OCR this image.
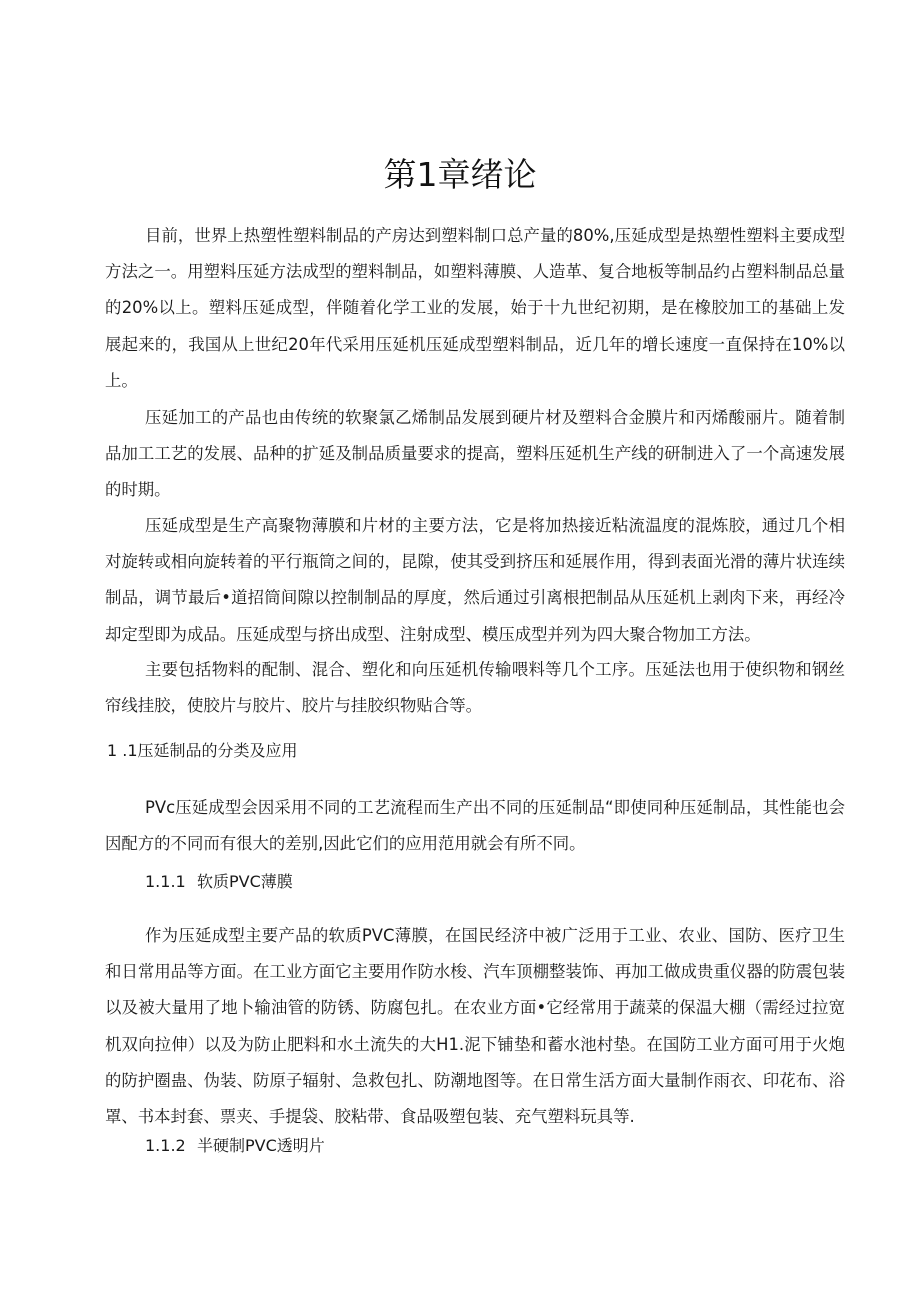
第1章绪论

目前，世界上热塑性塑料制品的产房达到塑料制口总产量的80%,压延成型是热塑性塑料主要成型方法之一。用塑料压延方法成型的塑料制品，如塑料薄膜、人造革、复合地板等制品约占塑料制品总量的20%以上。塑料压延成型，伴随着化学工业的发展，始于十九世纪初期，是在橡胶加工的基础上发展起来的，我国从上世纪20年代采用压延机压延成型塑料制品，近几年的增长速度一直保持在10%以上。

压延加工的产品也由传统的软聚氯乙烯制品发展到硬片材及塑料合金膜片和丙烯酸丽片。随着制品加工工艺的发展、品种的扩延及制品质量要求的提高，塑料压延机生产线的研制进入了一个高速发展的时期。

压延成型是生产高聚物薄膜和片材的主要方法，它是将加热接近粘流温度的混炼胶，通过几个相对旋转或相向旋转着的平行瓶筒之间的，昆隙，使其受到挤压和延展作用，得到表面光滑的薄片状连续制品，调节最后•道招筒间隙以控制制品的厚度，然后通过引离根把制品从压延机上剥肉下来，再经冷却定型即为成品。压延成型与挤出成型、注射成型、模压成型并列为四大聚合物加工方法。

主要包括物料的配制、混合、塑化和向压延机传输喂料等几个工序。压延法也用于使织物和钢丝帘线挂胶，使胶片与胶片、胶片与挂胶织物贴合等。

1 .1压延制品的分类及应用

PVc压延成型会因采用不同的工艺流程而生产出不同的压延制品“即使同种压延制品，其性能也会因配方的不同而有很大的差别,因此它们的应用范用就会有所不同。

1.1.1 软质PVC薄膜

作为压延成型主要产品的软质PVC薄膜，在国民经济中被广泛用于工业、农业、国防、医疗卫生和日常用品等方面。在工业方面它主要用作防水梭、汽车顶棚整装饰、再加工做成贵重仪器的防震包装以及被大量用了地卜输油管的防锈、防腐包扎。在农业方面•它经常用于蔬菜的保温大棚（需经过拉宽机双向拉伸）以及为防止肥料和水土流失的大H1.泥下铺垫和蓄水池村垫。在国防工业方面可用于火炮的防护圈蛊、伪装、防原子辐射、急救包扎、防潮地图等。在日常生活方面大量制作雨衣、印花布、浴罩、书本封套、票夹、手提袋、胶粘带、食品吸塑包装、充气塑料玩具等.

1.1.2 半硬制PVC透明片
